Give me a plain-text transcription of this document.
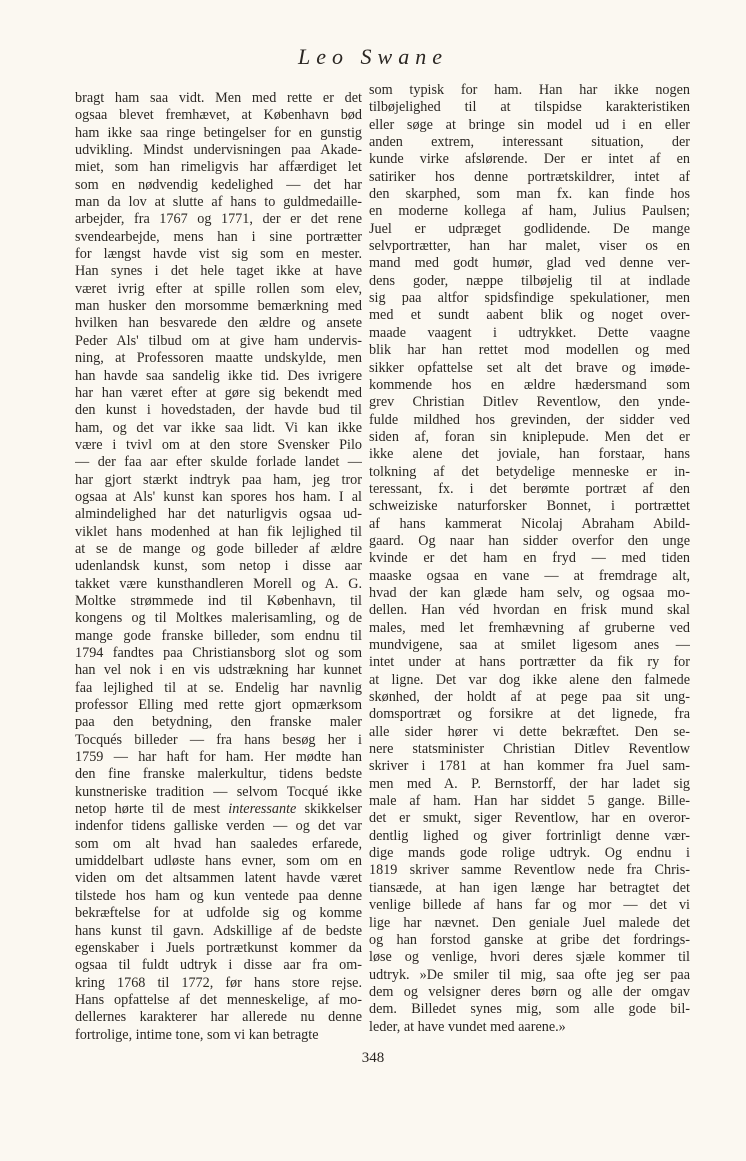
Leo Swane
bragt ham saa vidt. Men med rette er det
ogsaa blevet fremhævet, at København bød
ham ikke saa ringe betingelser for en gunstig
udvikling. Mindst undervisningen paa Akade-
miet, som han rimeligvis har affærdiget let
som en nødvendig kedelighed — det har
man da lov at slutte af hans to guldmedaille-
arbejder, fra 1767 og 1771, der er det rene
svendearbejde, mens han i sine portrætter
for længst havde vist sig som en mester.
Han synes i det hele taget ikke at have
været ivrig efter at spille rollen som elev,
man husker den morsomme bemærkning med
hvilken han besvarede den ældre og ansete
Peder Als' tilbud om at give ham undervis-
ning, at Professoren maatte undskylde, men
han havde saa sandelig ikke tid. Des ivrigere
har han været efter at gøre sig bekendt med
den kunst i hovedstaden, der havde bud til
ham, og det var ikke saa lidt. Vi kan ikke
være i tvivl om at den store Svensker Pilo
— der faa aar efter skulde forlade landet —
har gjort stærkt indtryk paa ham, jeg tror
ogsaa at Als' kunst kan spores hos ham. I al
almindelighed har det naturligvis ogsaa ud-
viklet hans modenhed at han fik lejlighed til
at se de mange og gode billeder af ældre
udenlandsk kunst, som netop i disse aar
takket være kunsthandleren Morell og A. G.
Moltke strømmede ind til København, til
kongens og til Moltkes malerisamling, og de
mange gode franske billeder, som endnu til
1794 fandtes paa Christiansborg slot og som
han vel nok i en vis udstrækning har kunnet
faa lejlighed til at se. Endelig har navnlig
professor Elling med rette gjort opmærksom
paa den betydning, den franske maler
Tocqués billeder — fra hans besøg her i
1759 — har haft for ham. Her mødte han
den fine franske malerkultur, tidens bedste
kunstneriske tradition — selvom Tocqué ikke
netop hørte til de mest interessante skikkelser
indenfor tidens galliske verden — og det var
som om alt hvad han saaledes erfarede,
umiddelbart udløste hans evner, som om en
viden om det altsammen latent havde været
tilstede hos ham og kun ventede paa denne
bekræftelse for at udfolde sig og komme
hans kunst til gavn. Adskillige af de bedste
egenskaber i Juels portrætkunst kommer da
ogsaa til fuldt udtryk i disse aar fra om-
kring 1768 til 1772, før hans store rejse.
Hans opfattelse af det menneskelige, af mo-
dellernes karakterer har allerede nu denne
fortrolige, intime tone, som vi kan betragte
som typisk for ham. Han har ikke nogen
tilbøjelighed til at tilspidse karakteristiken
eller søge at bringe sin model ud i en eller
anden extrem, interessant situation, der
kunde virke afslørende. Der er intet af en
satiriker hos denne portrætskildrer, intet af
den skarphed, som man fx. kan finde hos
en moderne kollega af ham, Julius Paulsen;
Juel er udpræget godlidende. De mange
selvportrætter, han har malet, viser os en
mand med godt humør, glad ved denne ver-
dens goder, næppe tilbøjelig til at indlade
sig paa altfor spidsfindige spekulationer, men
med et sundt aabent blik og noget over-
maade vaagent i udtrykket. Dette vaagne
blik har han rettet mod modellen og med
sikker opfattelse set alt det brave og imøde-
kommende hos en ældre hædersmand som
grev Christian Ditlev Reventlow, den ynde-
fulde mildhed hos grevinden, der sidder ved
siden af, foran sin kniplepude. Men det er
ikke alene det joviale, han forstaar, hans
tolkning af det betydelige menneske er in-
teressant, fx. i det berømte portræt af den
schweiziske naturforsker Bonnet, i portrættet
af hans kammerat Nicolaj Abraham Abild-
gaard. Og naar han sidder overfor den unge
kvinde er det ham en fryd — med tiden
maaske ogsaa en vane — at fremdrage alt,
hvad der kan glæde ham selv, og ogsaa mo-
dellen. Han véd hvordan en frisk mund skal
males, med let fremhævning af gruberne ved
mundvigene, saa at smilet ligesom anes —
intet under at hans portrætter da fik ry for
at ligne. Det var dog ikke alene den falmede
skønhed, der holdt af at pege paa sit ung-
domsportræt og forsikre at det lignede, fra
alle sider hører vi dette bekræftet. Den se-
nere statsminister Christian Ditlev Reventlow
skriver i 1781 at han kommer fra Juel sam-
men med A. P. Bernstorff, der har ladet sig
male af ham. Han har siddet 5 gange. Bille-
det er smukt, siger Reventlow, har en overor-
dentlig lighed og giver fortrinligt denne vær-
dige mands gode rolige udtryk. Og endnu i
1819 skriver samme Reventlow nede fra Chris-
tiansæde, at han igen længe har betragtet det
venlige billede af hans far og mor — det vi
lige har nævnet. Den geniale Juel malede det
og han forstod ganske at gribe det fordrings-
løse og venlige, hvori deres sjæle kommer til
udtryk. »De smiler til mig, saa ofte jeg ser paa
dem og velsigner deres børn og alle der omgav
dem. Billedet synes mig, som alle gode bil-
leder, at have vundet med aarene.»
348
